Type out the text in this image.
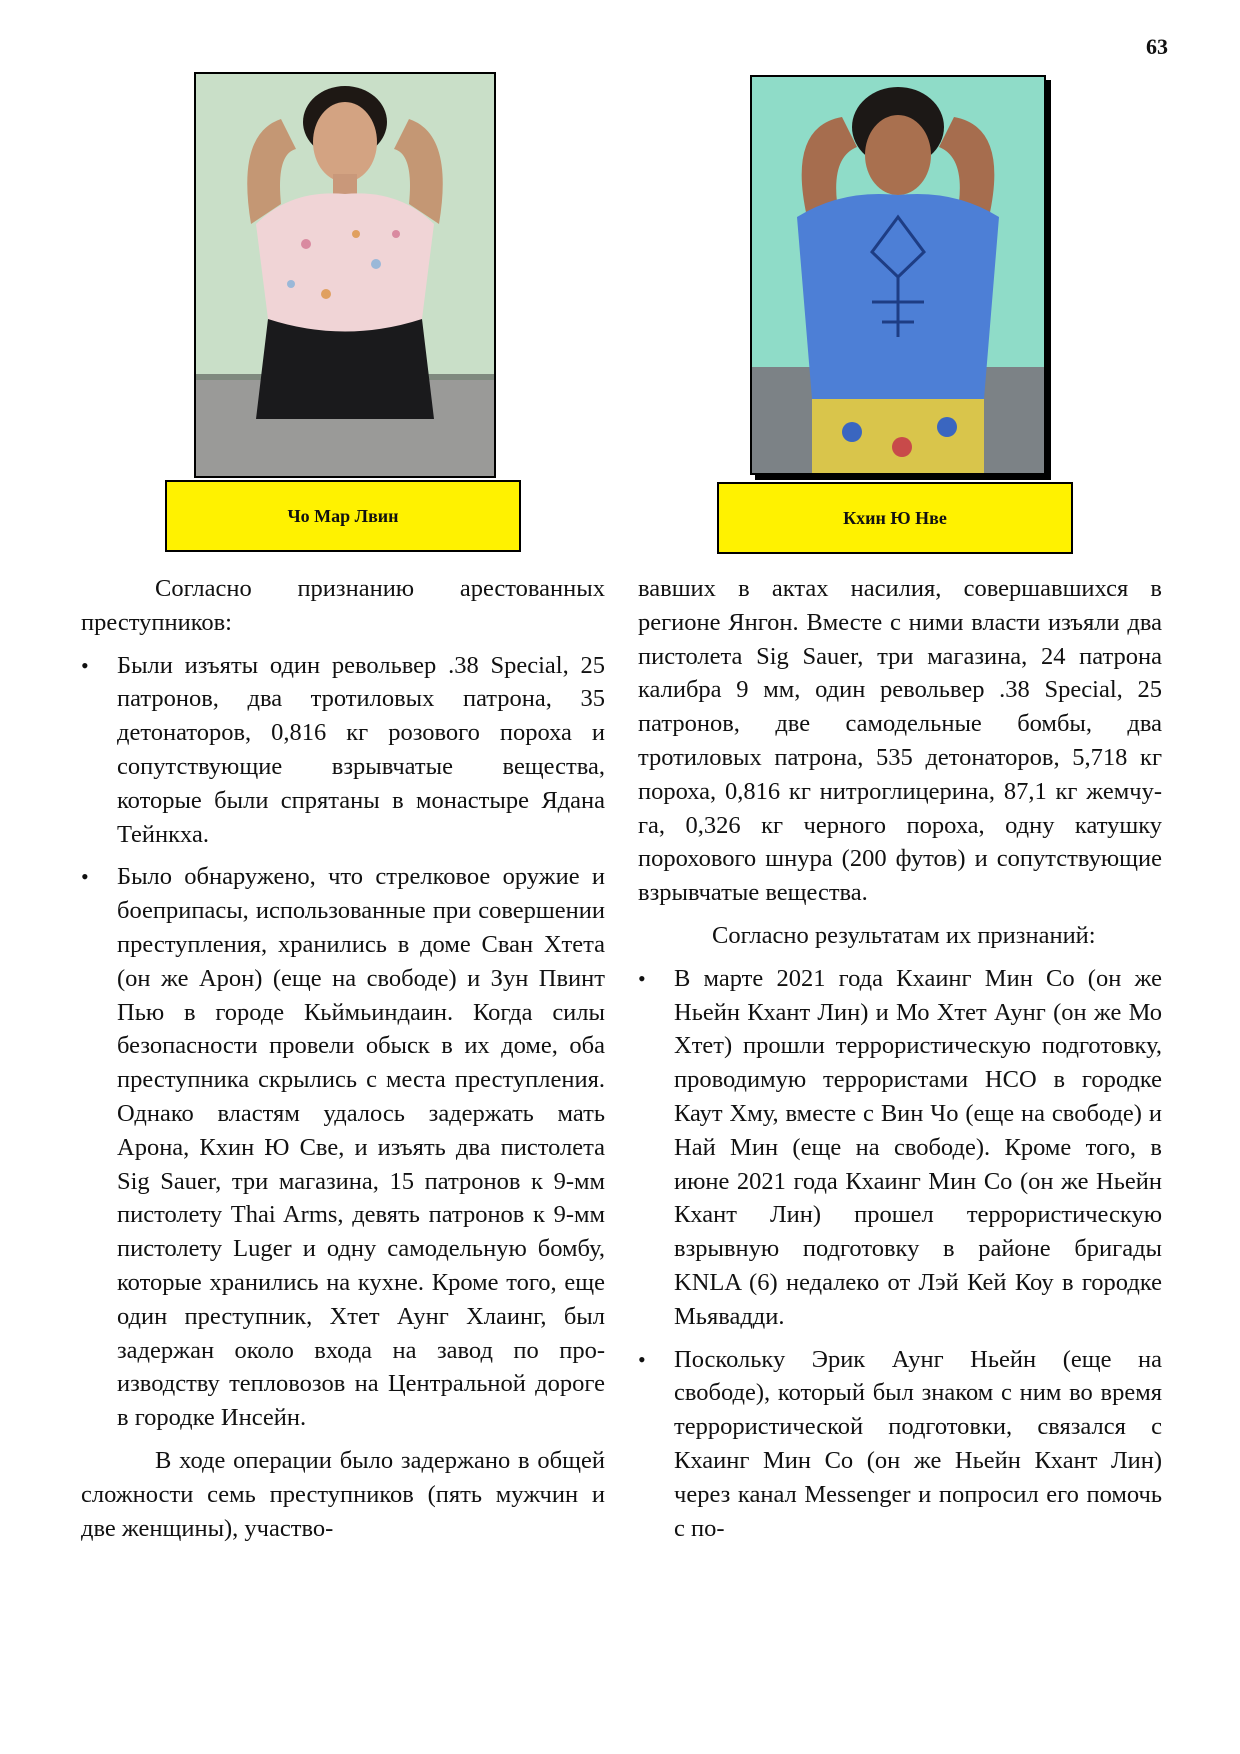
63
Чо Мар Лвин	Кхин Ю Нве

Согласно признанию арестованных преступников:

• Были изъяты один револьвер .38 Special, 25 патронов, два тротиловых патрона, 35 детонаторов, 0,816 кг розового пороха и сопутствующие взрывчатые вещества, которые были спрятаны в монастыре Ядана Тейнкха.
• Было обнаружено, что стрелковое оружие и боеприпасы, использованные при совершении преступления, хранились в доме Сван Хтета (он же Арон) (еще на свободе) и Зун Пвинт Пью в городе Кьймьиндаин. Когда силы безопасности провели обыск в их доме, оба преступника скрылись с места преступления. Однако властям удалось задержать мать Арона, Кхин Ю Све, и изъять два пистолета Sig Sauer, три магазина, 15 патронов к 9-мм пистолету Thai Arms, девять патронов к 9-мм пистолету Luger и одну самодельную бомбу, которые хранились на кухне. Кроме того, еще один преступник, Хтет Аунг Хлаинг, был задержан около входа на завод по производству тепловозов на Центральной дороге в городке Инсейн.

В ходе операции было задержано в общей сложности семь преступников (пять мужчин и две женщины), участво-

вавших в актах насилия, совершавшихся в регионе Янгон. Вместе с ними власти изъяли два пистолета Sig Sauer, три магазина, 24 патрона калибра 9 мм, один револьвер .38 Special, 25 патронов, две самодельные бомбы, два тротиловых патрона, 535 детонаторов, 5,718 кг пороха, 0,816 кг нитроглицерина, 87,1 кг жемчуга, 0,326 кг черного пороха, одну катушку порохового шнура (200 футов) и сопутствующие взрывчатые вещества.

Согласно результатам их признаний:

• В марте 2021 года Кхаинг Мин Со (он же Ньейн Кхант Лин) и Мо Хтет Аунг (он же Мо Хтет) прошли террористическую подготовку, проводимую террористами НСО в городке Каут Хму, вместе с Вин Чо (еще на свободе) и Най Мин (еще на свободе). Кроме того, в июне 2021 года Кхаинг Мин Со (он же Ньейн Кхант Лин) прошел террористическую взрывную подготовку в районе бригады KNLA (6) недалеко от Лэй Кей Коу в городке Мьявадди.
• Поскольку Эрик Аунг Ньейн (еще на свободе), который был знаком с ним во время террористической подготовки, связался с Кхаинг Мин Со (он же Ньейн Кхант Лин) через канал Messenger и попросил его помочь с по-
